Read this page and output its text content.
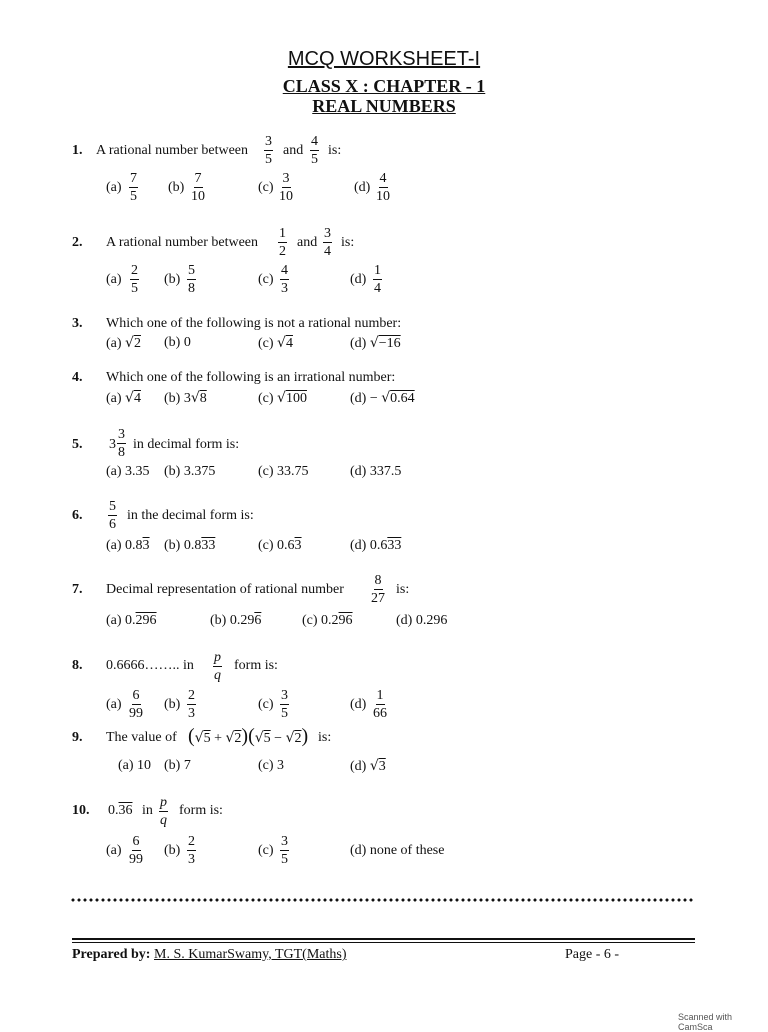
MCQ WORKSHEET-I
CLASS X : CHAPTER - 1
REAL NUMBERS
1. A rational number between $\frac{3}{5}$ and $\frac{4}{5}$ is:
$(a) \frac{7}{5} (b) \frac{7}{10}$	$(c) \frac{3}{10}$	$(d) \frac{4}{10}$
2. A rational number between $\frac{1}{2}$ and $\frac{3}{4}$ is:
$(a) \frac{2}{5} (b) \frac{5}{8}$	$(c) \frac{4}{3}$	$(d) \frac{1}{4}$
3. Which one of the following is not a rational number:
(a) √2 (b) 0	(c) √4	(d) √−16
4. Which one of the following is an irrational number:
(a) √4 (b) 3√8	(c) √100	(d) − √0.64
5. $3 \frac{3}{8}$ in decimal form is:
(a) 3.35 (b) 3.375	(c) 33.75	(d) 337.5
6. $\frac{5}{6}$ in the decimal form is:
(a) 0.83 (b) 0.833	(c) 0.63	(d) 0.633
7. Decimal representation of rational number $\frac{8}{27}$ is:
(a) 0.296	(b) 0.296	(c) 0.296	(d) 0.296
8. 0.6666…….. in $\frac{p}{q}$ form is:
$(a) \frac{6}{99} (b) \frac{2}{3}$	$(c) \frac{3}{5}$	$(d) \frac{1}{66}$
9. The value of (√5 + √2)(√5 − √2) is:
(a) 10 (b) 7	(c) 3	(d) √3
10. 0.36 in $\frac{p}{q}$ form is:
$(a) \frac{6}{99} (b) \frac{2}{3}$	$(c) \frac{3}{5}$	(d) none of these
Prepared by: M. S. KumarSwamy, TGT(Maths)	Page - 6 -
Scanned with CamSca
